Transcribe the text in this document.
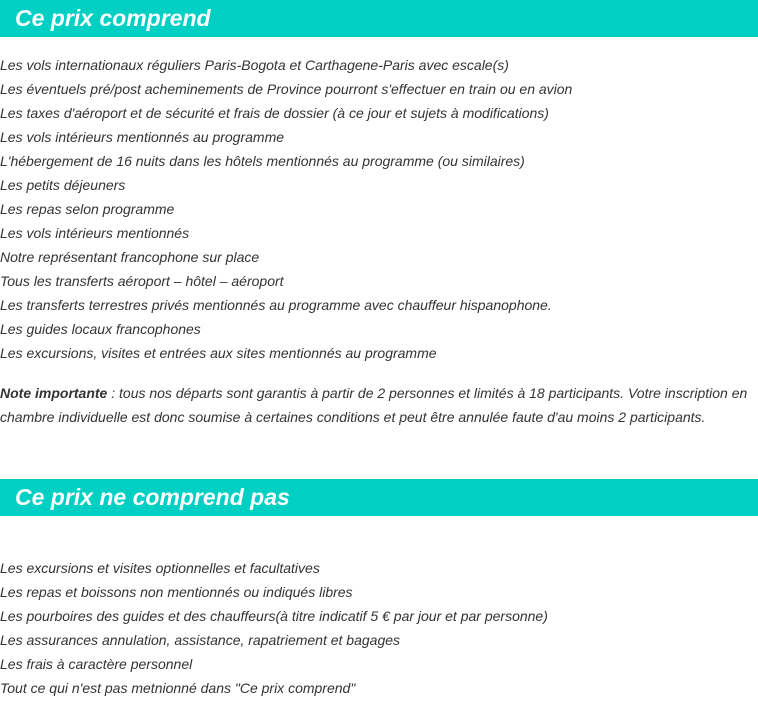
Ce prix comprend
Les vols internationaux réguliers Paris-Bogota et Carthagene-Paris avec escale(s)
Les éventuels pré/post acheminements de Province pourront s'effectuer en train ou en avion
Les taxes d'aéroport et de sécurité et frais de dossier (à ce jour et sujets à modifications)
Les vols intérieurs mentionnés au programme
L'hébergement de 16 nuits dans les hôtels mentionnés au programme (ou similaires)
Les petits déjeuners
Les repas selon programme
Les vols intérieurs mentionnés
Notre représentant francophone sur place
Tous les transferts aéroport – hôtel – aéroport
Les transferts terrestres privés mentionnés au programme avec chauffeur hispanophone.
Les guides locaux francophones
Les excursions, visites et entrées aux sites mentionnés au programme

Note importante : tous nos départs sont garantis à partir de 2 personnes et limités à 18 participants. Votre inscription en chambre individuelle est donc soumise à certaines conditions et peut être annulée faute d'au moins 2 participants.

Ce prix ne comprend pas
Les excursions et visites optionnelles et facultatives
Les repas et boissons non mentionnés ou indiqués libres
Les pourboires des guides et des chauffeurs(à titre indicatif 5 € par jour et par personne)
Les assurances annulation, assistance, rapatriement et bagages
Les frais à caractère personnel
Tout ce qui n'est pas metnionné dans "Ce prix comprend"
